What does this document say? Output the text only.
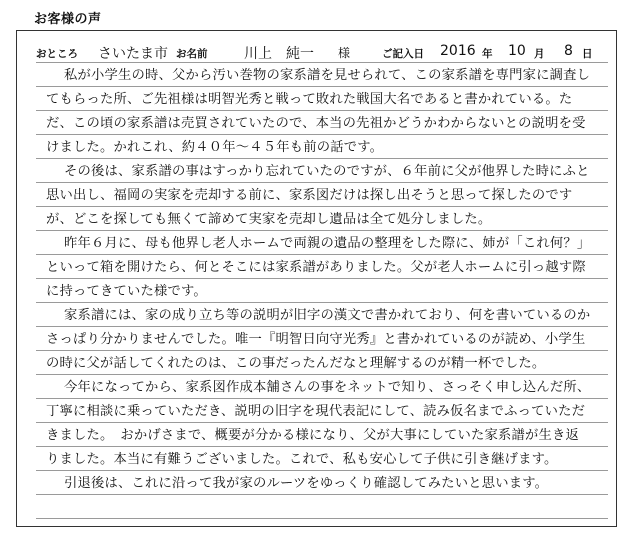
お客様の声
おところ さいたま市 お名前	川上　純一 様	ご記入日 2016 年 10 月 8 日
私が小学生の時、父から汚い巻物の家系譜を見せられて、この家系譜を専門家に調査し
てもらった所、ご先祖様は明智光秀と戦って敗れた戦国大名であると書かれている。た
だ、この頃の家系譜は売買されていたので、本当の先祖かどうかわからないとの説明を受
けました。かれこれ、約４０年～４５年も前の話です。
その後は、家系譜の事はすっかり忘れていたのですが、６年前に父が他界した時にふと
思い出し、福岡の実家を売却する前に、家系図だけは探し出そうと思って探したのです
が、どこを探しても無くて諦めて実家を売却し遺品は全て処分しました。
昨年６月に、母も他界し老人ホームで両親の遺品の整理をした際に、姉が「これ何？」
といって箱を開けたら、何とそこには家系譜がありました。父が老人ホームに引っ越す際
に持ってきていた様です。
家系譜には、家の成り立ち等の説明が旧字の漢文で書かれており、何を書いているのか
さっぱり分かりませんでした。唯一『明智日向守光秀』と書かれているのが読め、小学生
の時に父が話してくれたのは、この事だったんだなと理解するのが精一杯でした。
今年になってから、家系図作成本舗さんの事をネットで知り、さっそく申し込んだ所、
丁寧に相談に乗っていただき、説明の旧字を現代表記にして、読み仮名までふっていただ
きました。　おかげさまで、概要が分かる様になり、父が大事にしていた家系譜が生き返
りました。本当に有難うございました。これで、私も安心して子供に引き継げます。
引退後は、これに沿って我が家のルーツをゆっくり確認してみたいと思います。
